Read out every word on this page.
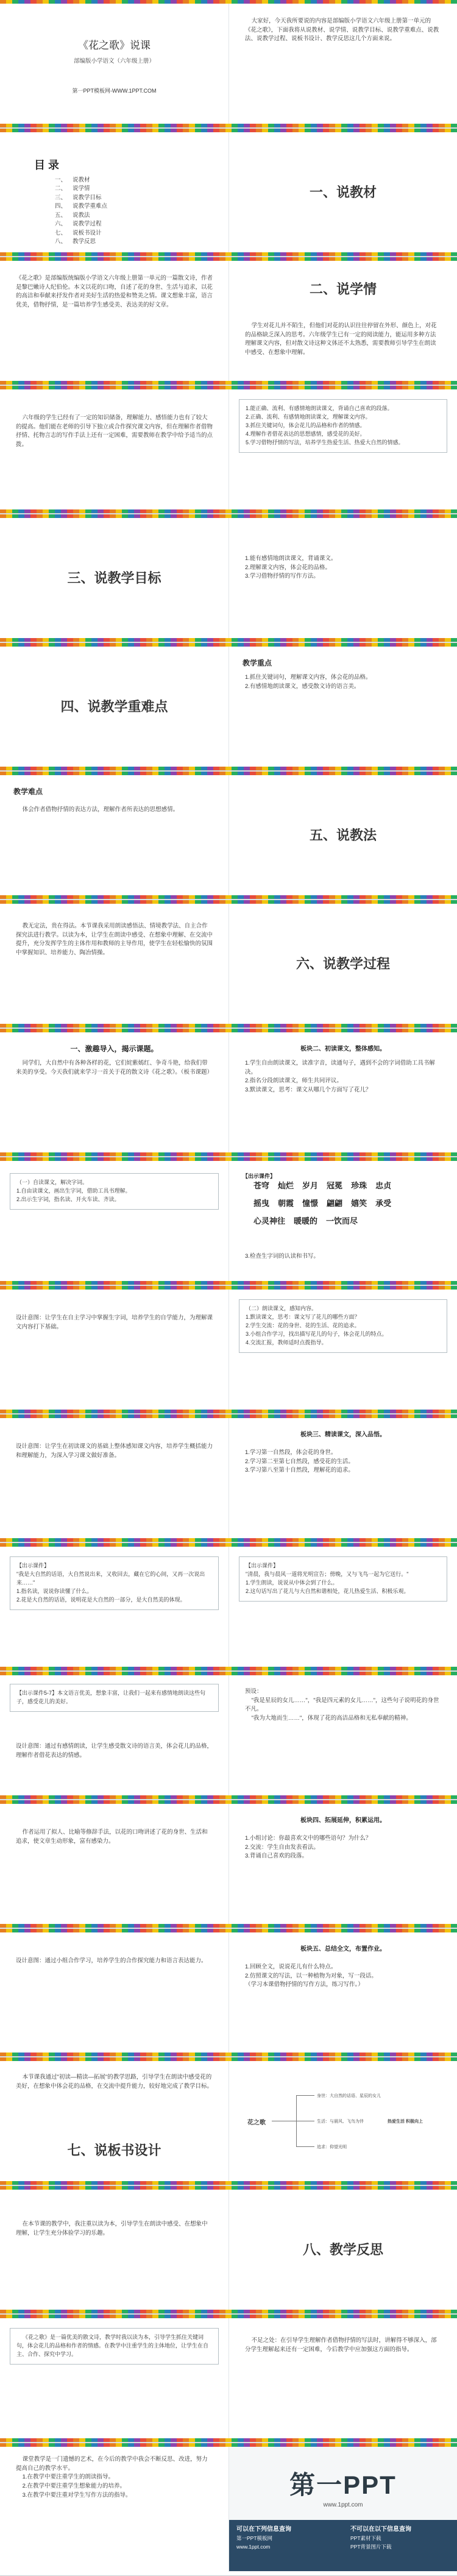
《花之歌》说课
部编版小学语文（六年级上册）
第一PPT模板网-WWW.1PPT.COM
大家好，今天我所要说的内容是部编版小学语文六年级上册第一单元的《花之歌》，下面我将从说教材、说学情、说教学目标、说教学重难点、说教法、说教学过程、说板书设计、教学反思这几个方面来说。
目 录
一、 说教材
二、 说学情
三、 说教学目标
四、 说教学重难点
五、 说教法
六、 说教学过程
七、 说板书设计
八、 教学反思
一、说教材
《花之歌》是部编版统编版小学语文六年级上册第一单元的一篇散文诗，作者是黎巴嫩诗人纪伯伦。本文以花的口吻，自述了花的身世、生活与追求，以花的高洁和奉献来抒发作者对美好生活的热爱和赞美之情。课文想象丰富，语言优美，借物抒情，是一篇培养学生感受美、表达美的好文章。
二、说学情
学生对花儿并不陌生，但他们对花的认识往往停留在外形、颜色上，对花的品格缺乏深入的思考。六年级学生已有一定的阅读能力，能运用多种方法理解课文内容，但对散文诗这种文体还不太熟悉，需要教师引导学生在朗读中感受、在想象中理解。
六年级的学生已经有了一定的知识储备，理解能力、感悟能力也有了较大的提高。他们能在老师的引导下独立或合作探究课文内容，但在理解作者借物抒情、托物言志的写作手法上还有一定困难，需要教师在教学中给予适当的点拨。
1.能正确、流利、有感情地朗读课文，背诵自己喜欢的段落。
2.正确、流利、有感情地朗读课文，理解课文内容。
3.抓住关键词句，体会花儿的品格和作者的情感。
4.理解作者借花表达的思想感情，感受花的美好。
5.学习借物抒情的写法，培养学生热爱生活、热爱大自然的情感。
三、说教学目标
1.能有感情地朗读课文，背诵课文。
2.理解课文内容，体会花的品格。
3.学习借物抒情的写作方法。
四、说教学重难点
教学重点
1.抓住关键词句，理解课文内容，体会花的品格。
2.有感情地朗读课文，感受散文诗的语言美。
教学难点
体会作者借物抒情的表达方法，理解作者所表达的思想感情。
五、说教法
教无定法，贵在得法。本节课我采用朗读感悟法、情境教学法、自主合作探究法进行教学。以读为本，让学生在朗读中感受、在想象中理解、在交流中提升，充分发挥学生的主体作用和教师的主导作用，使学生在轻松愉快的氛围中掌握知识、培养能力、陶冶情操。
六、说教学过程
一、激趣导入，揭示课题。
同学们，大自然中有各种各样的花，它们姹紫嫣红、争奇斗艳，给我们带来美的享受。今天我们就来学习一首关于花的散文诗《花之歌》。（板书课题）
板块二、初读课文，整体感知。
1.学生自由朗读课文，读准字音，读通句子，遇到不会的字词借助工具书解决。
2.指名分段朗读课文，师生共同评议。
3.默读课文，思考：课文从哪几个方面写了花儿？
（一）自读课文，解决字词。
1.自由读课文，画出生字词，借助工具书理解。
2.出示生字词，指名读、开火车读、齐读。
【出示课件】
苍穹 灿烂 岁月 冠冕 珍珠 忠贞
摇曳 朝霞 憧憬 翩翩 嬉笑 承受
心灵神往 暖暖的 一饮而尽
3.检查生字词的认读和书写。
设计意图：让学生在自主学习中掌握生字词，培养学生的自学能力，为理解课文内容打下基础。
（二）朗读课文，感知内容。
1.默读课文，思考：课文写了花儿的哪些方面？
2.学生交流：花的身世、花的生活、花的追求。
3.小组合作学习，找出描写花儿的句子，体会花儿的特点。
4.交流汇报，教师适时点拨指导。
设计意图：让学生在初读课文的基础上整体感知课文内容，培养学生概括能力和理解能力，为深入学习课文做好准备。
板块三、精读课文，深入品悟。
1.学习第一自然段，体会花的身世。
2.学习第二至第七自然段，感受花的生活。
3.学习第八至第十自然段，理解花的追求。
【出示课件】
"我是大自然的话语，大自然说出来，又收回去，藏在它的心间，又再一次说出来……"
1.指名读，说说你读懂了什么。
2.花是大自然的话语，说明花是大自然的一部分，是大自然美的体现。
【出示课件】
"清晨，我与晨风一道将光明宣告；傍晚，又与飞鸟一起为它送行。"
1.学生朗读，说说从中体会到了什么。
2.这句话写出了花儿与大自然和谐相处，花儿热爱生活、积极乐观。
【出示课件5-7】本文语言优美，想象丰富，让我们一起来有感情地朗读这些句子，感受花儿的美好。
设计意图：通过有感情朗读，让学生感受散文诗的语言美，体会花儿的品格，理解作者借花表达的情感。
预设：
"我是星辰的女儿……"，"我是四元素的女儿……"，这些句子说明花的身世不凡。
"我为大地而生……"，体现了花的高洁品格和无私奉献的精神。
作者运用了拟人、比喻等修辞手法，以花的口吻讲述了花的身世、生活和追求，使文章生动形象，富有感染力。
板块四、拓展延伸，积累运用。
1.小组讨论：你最喜欢文中的哪些语句？为什么？
2.交流：学生自由发表看法。
3.背诵自己喜欢的段落。
设计意图：通过小组合作学习，培养学生的合作探究能力和语言表达能力。
板块五、总结全文，布置作业。
1.回顾全文，说说花儿有什么特点。
2.仿照课文的写法，以一种植物为对象，写一段话。
（学习本课借物抒情的写作方法，练习写作。）
本节课我通过"初读—精读—拓展"的教学思路，引导学生在朗读中感受花的美好，在想象中体会花的品格，在交流中提升能力，较好地完成了教学目标。
七、说板书设计
花之歌
身世：大自然的话语、星辰的女儿
生活：与晨风、飞鸟为伴
追求：仰望光明
热爱生活 积极向上
在本节课的教学中，我注重以读为本，引导学生在朗读中感受、在想象中理解，让学生充分体验学习的乐趣。
八、教学反思
《花之歌》是一篇优美的散文诗，教学时我以读为本，引导学生抓住关键词句，体会花儿的品格和作者的情感。在教学中注重学生的主体地位，让学生在自主、合作、探究中学习。
不足之处：在引导学生理解作者借物抒情的写法时，讲解得不够深入，部分学生理解起来还有一定困难，今后教学中应加强这方面的指导。
课堂教学是一门遗憾的艺术，在今后的教学中我会不断反思、改进，努力提高自己的教学水平。
1.在教学中要注重学生的朗读指导。
2.在教学中要注重学生想象能力的培养。
3.在教学中要注重对学生写作方法的指导。	第一PPT
www.1ppt.com
可以在下列信息查询
第一PPT模板网
www.1ppt.com
不可以在以下信息查询
PPT素材下载
PPT背景图片下载
